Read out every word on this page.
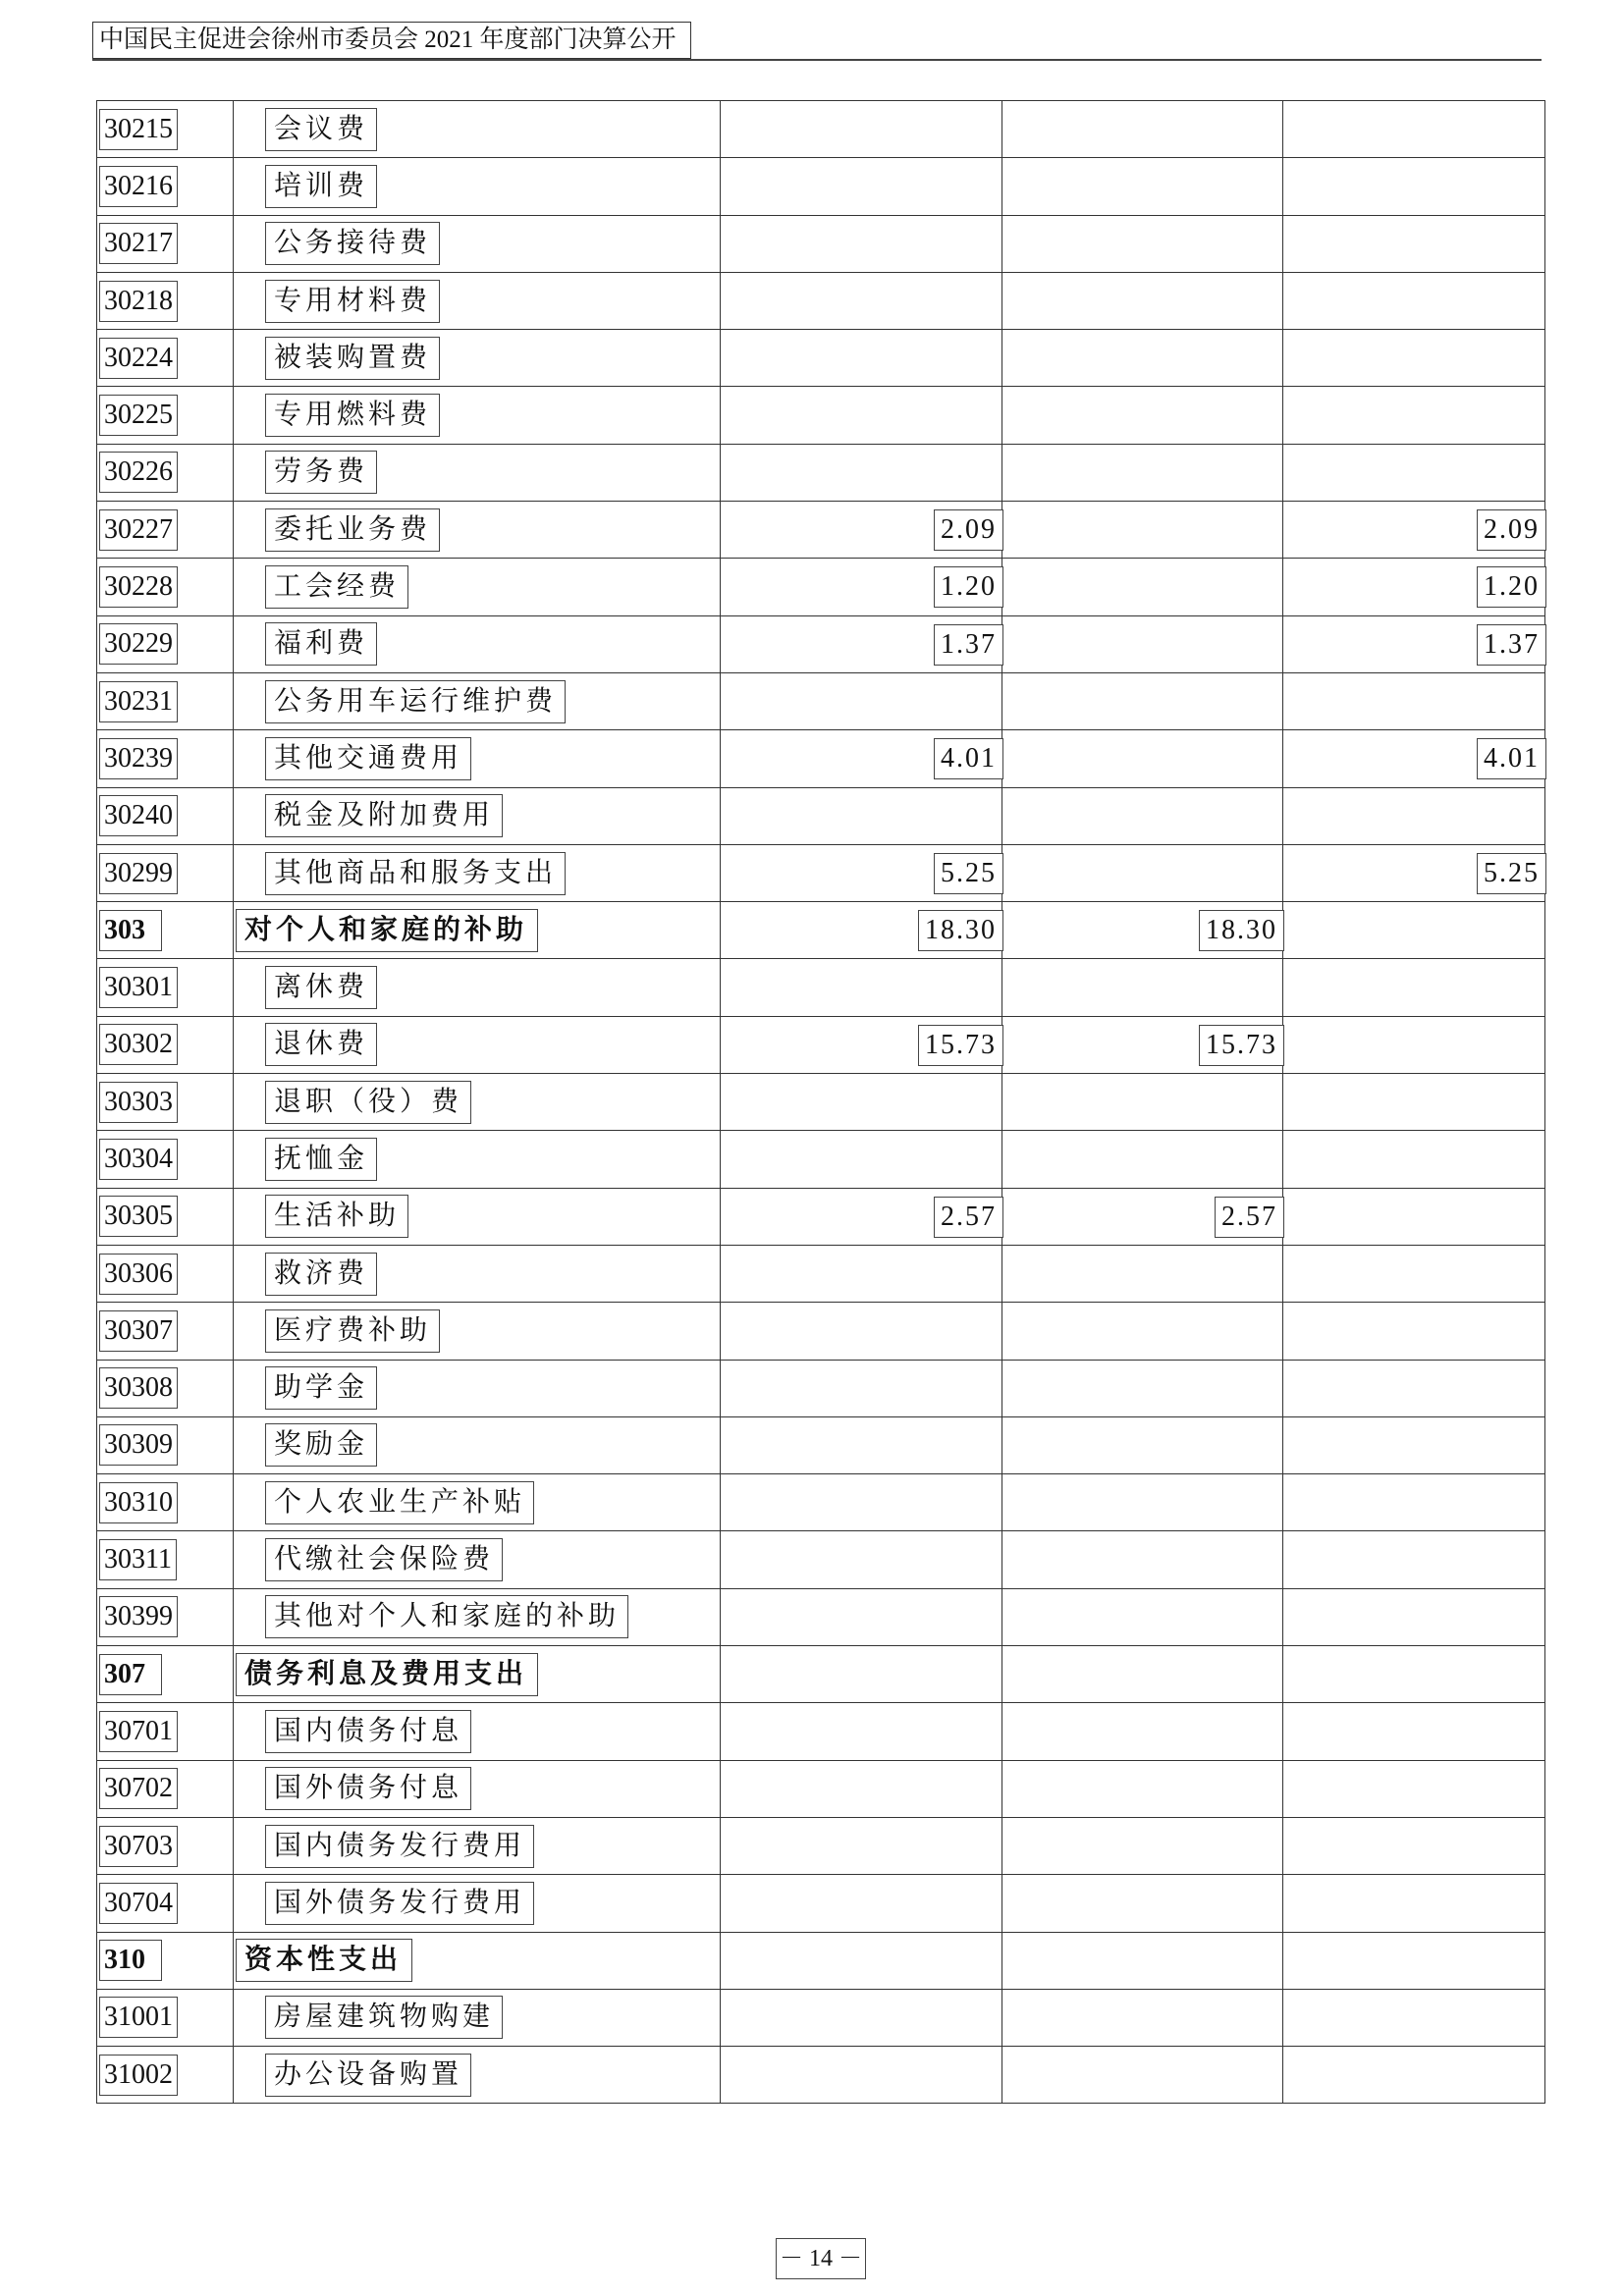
中国民主促进会徐州市委员会 2021 年度部门决算公开
30215	会议费			
30216	培训费			
30217	公务接待费			
30218	专用材料费			
30224	被装购置费			
30225	专用燃料费			
30226	劳务费			
30227	委托业务费	2.09		2.09

30228	工会经费	1.20		1.20

30229	福利费	1.37		1.37

30231	公务用车运行维护费			
30239	其他交通费用	4.01		4.01

30240	税金及附加费用			
30299	其他商品和服务支出	5.25		5.25

303	对个人和家庭的补助	18.30	18.30	

30301	离休费			
30302	退休费	15.73	15.73	

30303	退职（役）费			
30304	抚恤金			
30305	生活补助	2.57	2.57	

30306	救济费			
30307	医疗费补助			
30308	助学金			
30309	奖励金			
30310	个人农业生产补贴			
30311	代缴社会保险费			
30399	其他对个人和家庭的补助			
307	债务利息及费用支出			
30701	国内债务付息			
30702	国外债务付息			
30703	国内债务发行费用			
30704	国外债务发行费用			
310	资本性支出			
31001	房屋建筑物购建			
31002	办公设备购置			
－ 14 －
